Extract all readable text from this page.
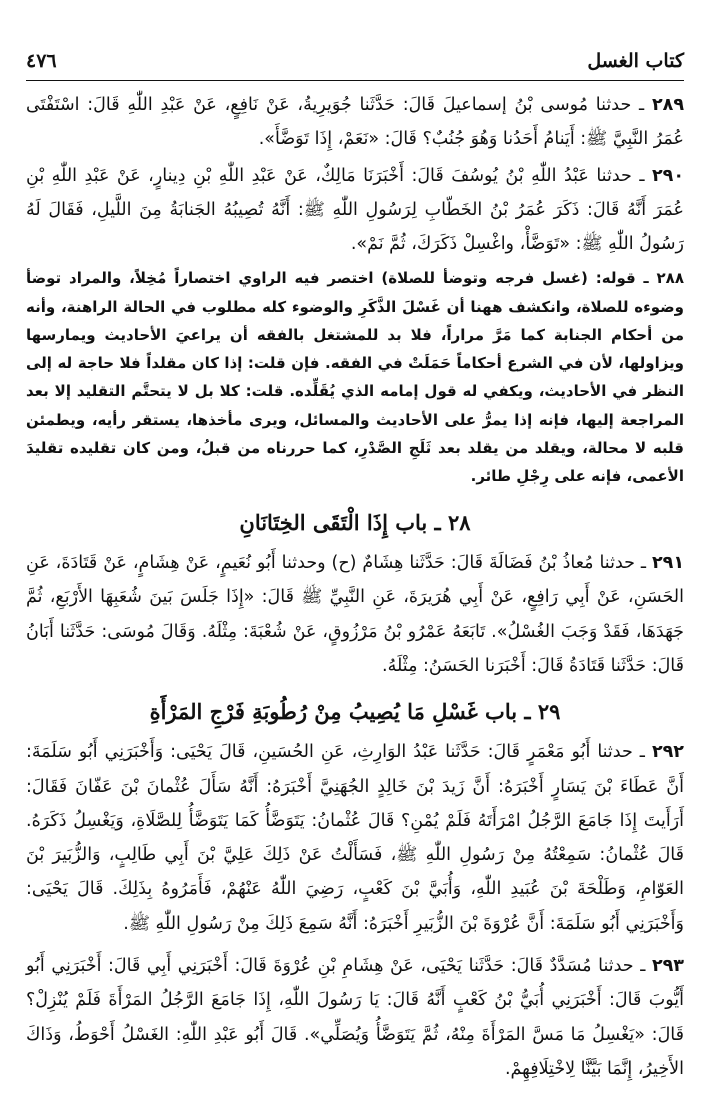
كتاب الغسل
٤٧٦

٢٨٩ ـ حدثنا مُوسى بْنُ إسماعيلَ قَالَ: حَدَّثَنا جُوَيرِيةُ، عَنْ نَافِعٍ، عَنْ عَبْدِ اللّٰهِ قَالَ: اسْتَفْتَى عُمَرُ النَّبِيَّ ﷺ: أَيَنامُ أَحَدُنا وَهُوَ جُنُبٌ؟ قَالَ: «نَعَمْ، إِذَا تَوَضَّأَ».

٢٩٠ ـ حدثنا عَبْدُ اللّٰهِ بْنُ يُوسُفَ قَالَ: أَخْبَرَنَا مَالِكٌ، عَنْ عَبْدِ اللّٰهِ بْنِ دِينارٍ، عَنْ عَبْدِ اللّٰهِ بْنِ عُمَرَ أَنَّهُ قَالَ: ذَكَرَ عُمَرُ بْنُ الخَطّابِ لِرَسُولِ اللّٰهِ ﷺ: أَنَّهُ تُصِيبُهُ الجَنابَةُ مِنَ اللَّيلِ، فَقَالَ لَهُ رَسُولُ اللّٰهِ ﷺ: «تَوَضَّأْ، واغْسِلْ ذَكَرَكَ، ثُمَّ نَمْ».

٢٨٨ ـ قوله: (غسل فرجه وتوضأ للصلاة) اختصر فيه الراوي اختصاراً مُخِلاً، والمراد توضأ وضوءه للصلاة، وانكشف ههنا أن غَسْلَ الذَّكَرِ والوضوء كله مطلوب في الحالة الراهنة، وأنه من أحكام الجنابة كما مَرَّ مراراً، فلا بد للمشتغل بالفقه أن يراعيَ الأحاديث ويمارسها ويزاولها، لأن في الشرع أحكاماً حَمَلَتْ في الفقه. فإن قلت: إذا كان مقلداً فلا حاجة له إلى النظر في الأحاديث، ويكفي له قول إمامه الذي يُقَلِّده. قلت: كلا بل لا يتحتَّم التقليد إلا بعد المراجعة إليها، فإنه إذا يمرُّ على الأحاديث والمسائل، ويرى مأخذها، يستقر رأيه، ويطمئن قلبه لا محالة، ويقلد من يقلد بعد ثَلَجِ الصَّدْرِ، كما حررناه من قبلُ، ومن كان تقليده تقليدَ الأعمى، فإنه على رِجْلِ طائر.

٢٨ ـ باب إِذَا الْتَقَى الخِتَانَانِ

٢٩١ ـ حدثنا مُعاذُ بْنُ فَضَالَةَ قَالَ: حَدَّثَنا هِشَامٌ (ح) وحدثنا أَبُو نُعَيمٍ، عَنْ هِشَامٍ، عَنْ قَتَادَةَ، عَنِ الحَسَنِ، عَنْ أَبِي رَافِعٍ، عَنْ أَبِي هُرَيرَةَ، عَنِ النَّبِيِّ ﷺ قَالَ: «إِذَا جَلَسَ بَينَ شُعَبِهَا الأَرْبَعِ، ثُمَّ جَهَدَهَا، فَقَدْ وَجَبَ الغُسْلُ». تَابَعَهُ عَمْرُو بْنُ مَرْزُوقٍ، عَنْ شُعْبَةَ: مِثْلَهُ. وَقَالَ مُوسَى: حَدَّثَنا أَبَانُ قَالَ: حَدَّثَنا قَتَادَةُ قَالَ: أَخْبَرَنا الحَسَنُ: مِثْلَهُ.

٢٩ ـ باب غَسْلِ مَا يُصِيبُ مِنْ رُطُوبَةِ فَرْجِ المَرْأَةِ

٢٩٢ ـ حدثنا أَبُو مَعْمَرٍ قَالَ: حَدَّثَنا عَبْدُ الوَارِثِ، عَنِ الحُسَينِ، قَالَ يَحْيَى: وَأَخْبَرَنِي أَبُو سَلَمَةَ: أَنَّ عَطَاءَ بْنَ يَسَارٍ أَخْبَرَهُ: أَنَّ زَيدَ بْنَ خَالِدٍ الجُهَنِيَّ أَخْبَرَهُ: أَنَّهُ سَأَلَ عُثْمانَ بْنَ عَفّانَ فَقَالَ: أَرَأَيتَ إِذَا جَامَعَ الرَّجُلُ امْرَأَتَهُ فَلَمْ يُمْنِ؟ قَالَ عُثْمانُ: يَتَوَضَّأُ كَمَا يَتَوَضَّأُ لِلصَّلَاةِ، وَيَغْسِلُ ذَكَرَهُ. قَالَ عُثْمانُ: سَمِعْتُهُ مِنْ رَسُولِ اللّٰهِ ﷺ، فَسَأَلْتُ عَنْ ذَلِكَ عَلِيَّ بْنَ أَبِي طَالِبٍ، وَالزُّبَيرَ بْنَ العَوّامِ، وَطَلْحَةَ بْنَ عُبَيدِ اللّٰهِ، وَأُبَيَّ بْنَ كَعْبٍ، رَضِيَ اللّٰهُ عَنْهُمْ، فَأَمَرُوهُ بِذَلِكَ. قَالَ يَحْيَى: وَأَخْبَرَنِي أَبُو سَلَمَةَ: أَنَّ عُرْوَةَ بْنَ الزُّبَيرِ أَخْبَرَهُ: أَنَّهُ سَمِعَ ذَلِكَ مِنْ رَسُولِ اللّٰهِ ﷺ.

٢٩٣ ـ حدثنا مُسَدَّدٌ قَالَ: حَدَّثَنا يَحْيَى، عَنْ هِشَامِ بْنِ عُرْوَةَ قَالَ: أَخْبَرَنِي أَبِي قَالَ: أَخْبَرَنِي أَبُو أَيُّوبَ قَالَ: أَخْبَرَنِي أُبَيُّ بْنُ كَعْبٍ أَنَّهُ قَالَ: يَا رَسُولَ اللّٰهِ، إِذَا جَامَعَ الرَّجُلُ المَرْأَةَ فَلَمْ يُنْزِلْ؟ قَالَ: «يَغْسِلُ مَا مَسَّ المَرْأَةَ مِنْهُ، ثُمَّ يَتَوَضَّأُ وَيُصَلِّي». قَالَ أَبُو عَبْدِ اللّٰهِ: الغَسْلُ أَحْوَطُ، وَذَاكَ الأَخِيرُ، إِنَّمَا بَيَّنَّا لِاخْتِلَافِهِمْ.
